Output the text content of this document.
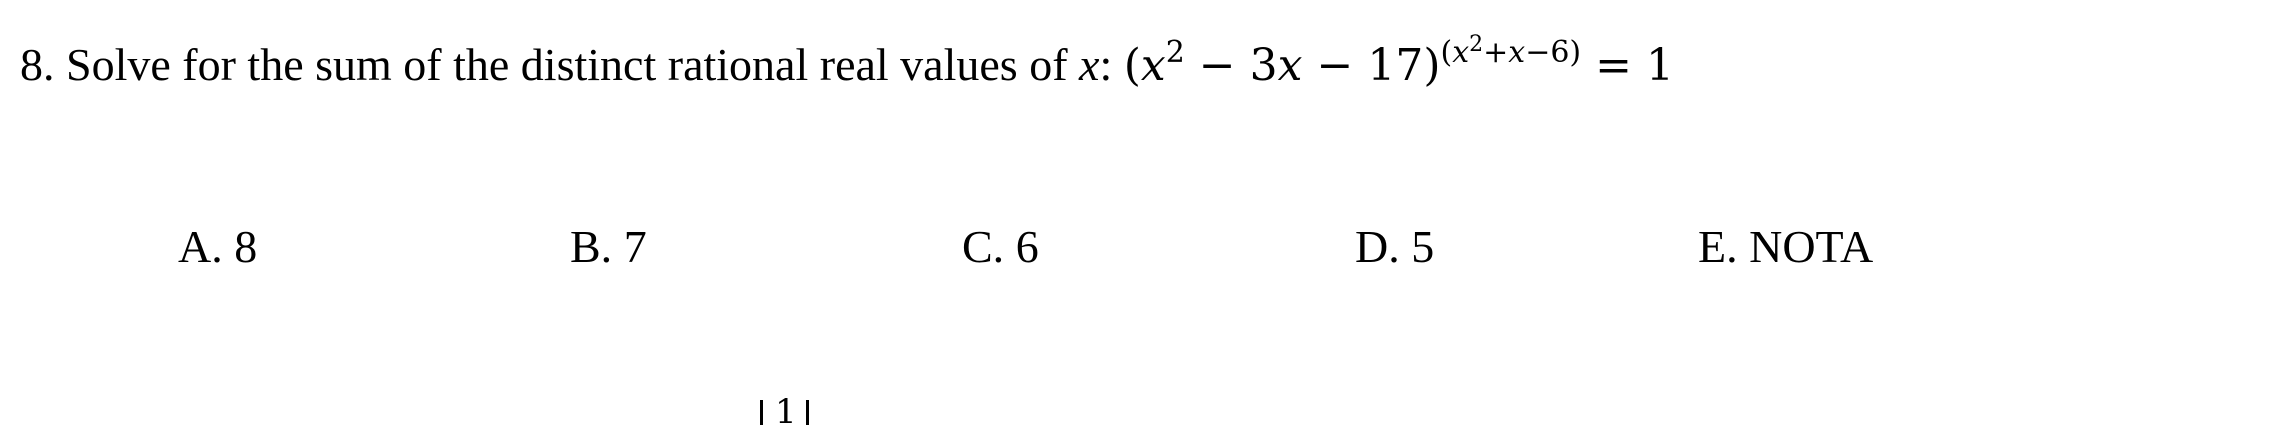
8. Solve for the sum of the distinct rational real values of x: $(x^2 - 3x - 17)^{(x^2+x-6)} = 1$
A. 8	B. 7	C. 6	D. 5	E. NOTA
1
